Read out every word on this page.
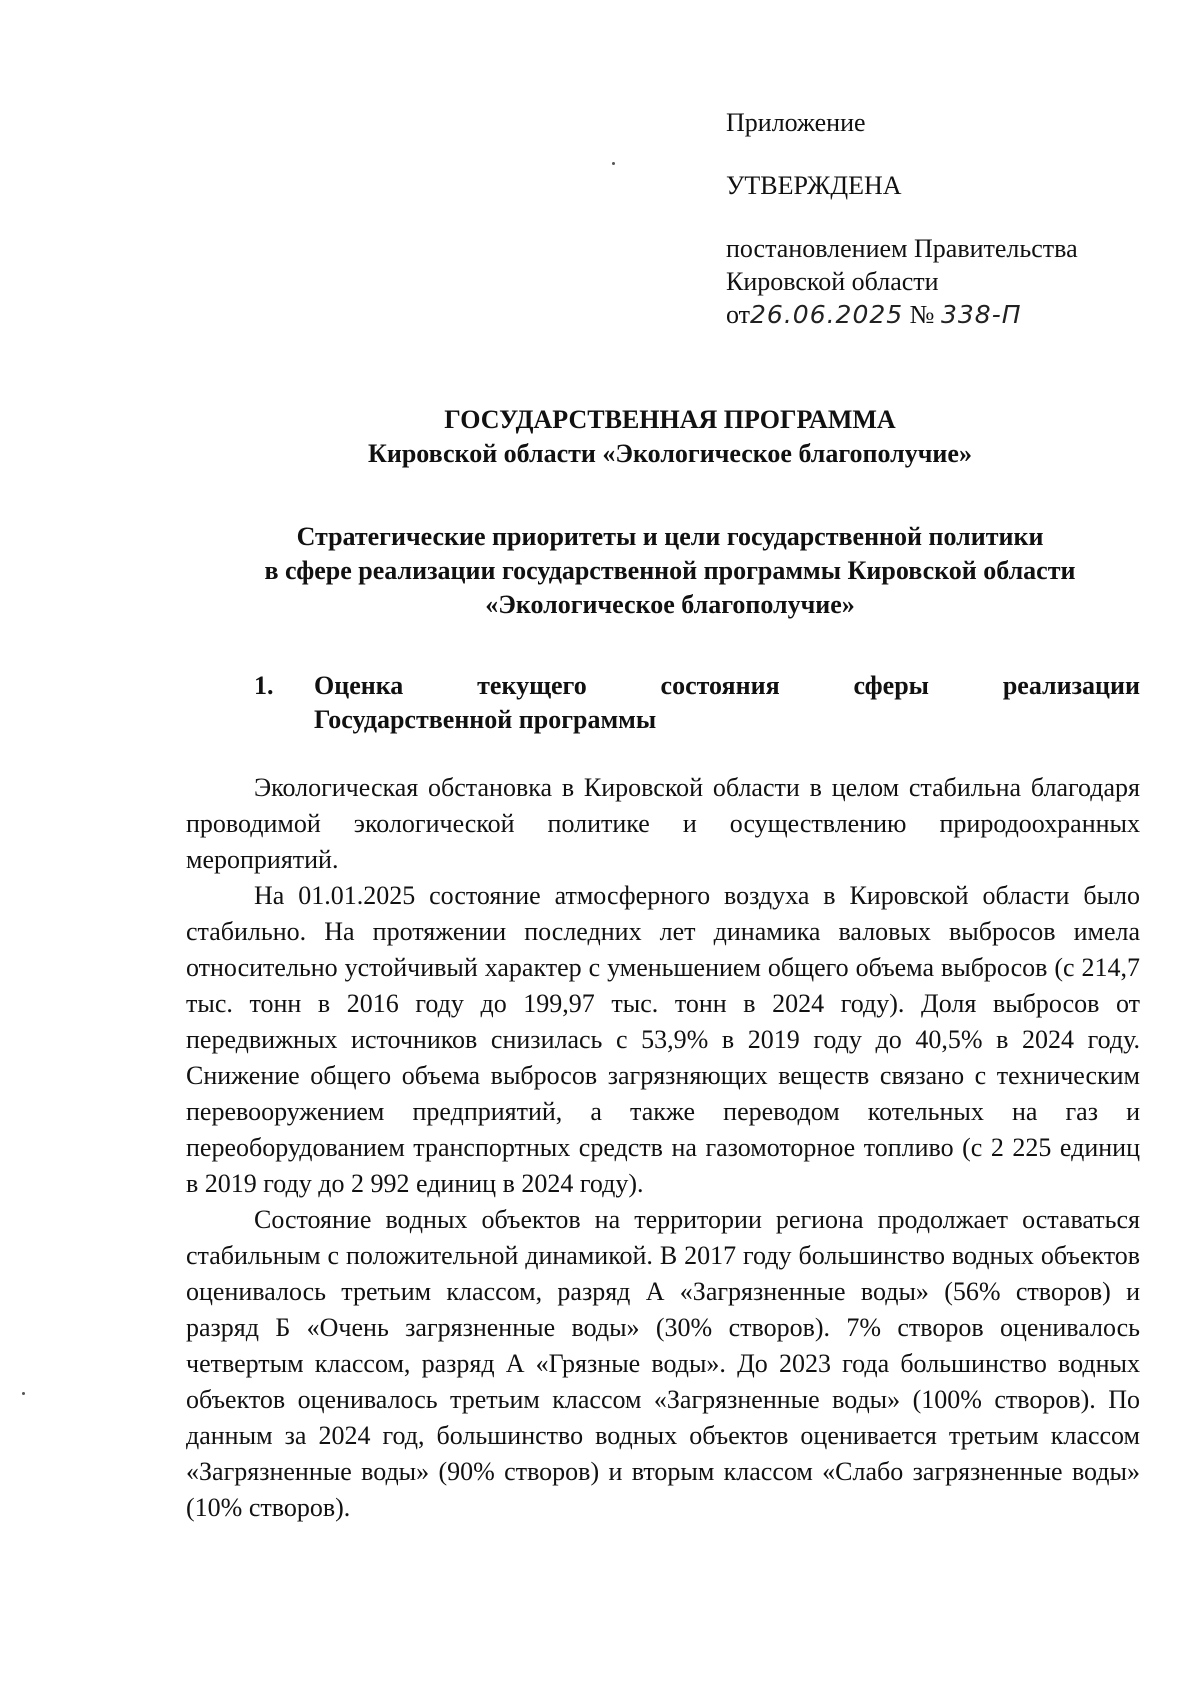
Приложение

УТВЕРЖДЕНА

постановлением Правительства

Кировской области

от26.06.2025 № 338-П

ГОСУДАРСТВЕННАЯ ПРОГРАММА

Кировской области «Экологическое благополучие»

Стратегические приоритеты и цели государственной политики

в сфере реализации государственной программы Кировской области

«Экологическое благополучие»

1. Оценка	текущего	состояния	сферы	реализации
Государственной программы

Экологическая обстановка в Кировской области в целом стабильна благодаря проводимой экологической политике и осуществлению природоохранных мероприятий.

На 01.01.2025 состояние атмосферного воздуха в Кировской области было стабильно. На протяжении последних лет динамика валовых выбросов имела относительно устойчивый характер с уменьшением общего объема выбросов (с 214,7 тыс. тонн в 2016 году до 199,97 тыс. тонн в 2024 году). Доля выбросов от передвижных источников снизилась с 53,9% в 2019 году до 40,5% в 2024 году. Снижение общего объема выбросов загрязняющих веществ связано с техническим перевооружением предприятий, а также переводом котельных на газ и переоборудованием транспортных средств на газомоторное топливо (с 2 225 единиц в 2019 году до 2 992 единиц в 2024 году).

Состояние водных объектов на территории региона продолжает оставаться стабильным с положительной динамикой. В 2017 году большинство водных объектов оценивалось третьим классом, разряд А «Загрязненные воды» (56% створов) и разряд Б «Очень загрязненные воды» (30% створов). 7% створов оценивалось четвертым классом, разряд А «Грязные воды». До 2023 года большинство водных объектов оценивалось третьим классом «Загрязненные воды» (100% створов). По данным за 2024 год, большинство водных объектов оценивается третьим классом «Загрязненные воды» (90% створов) и вторым классом «Слабо загрязненные воды» (10% створов).
